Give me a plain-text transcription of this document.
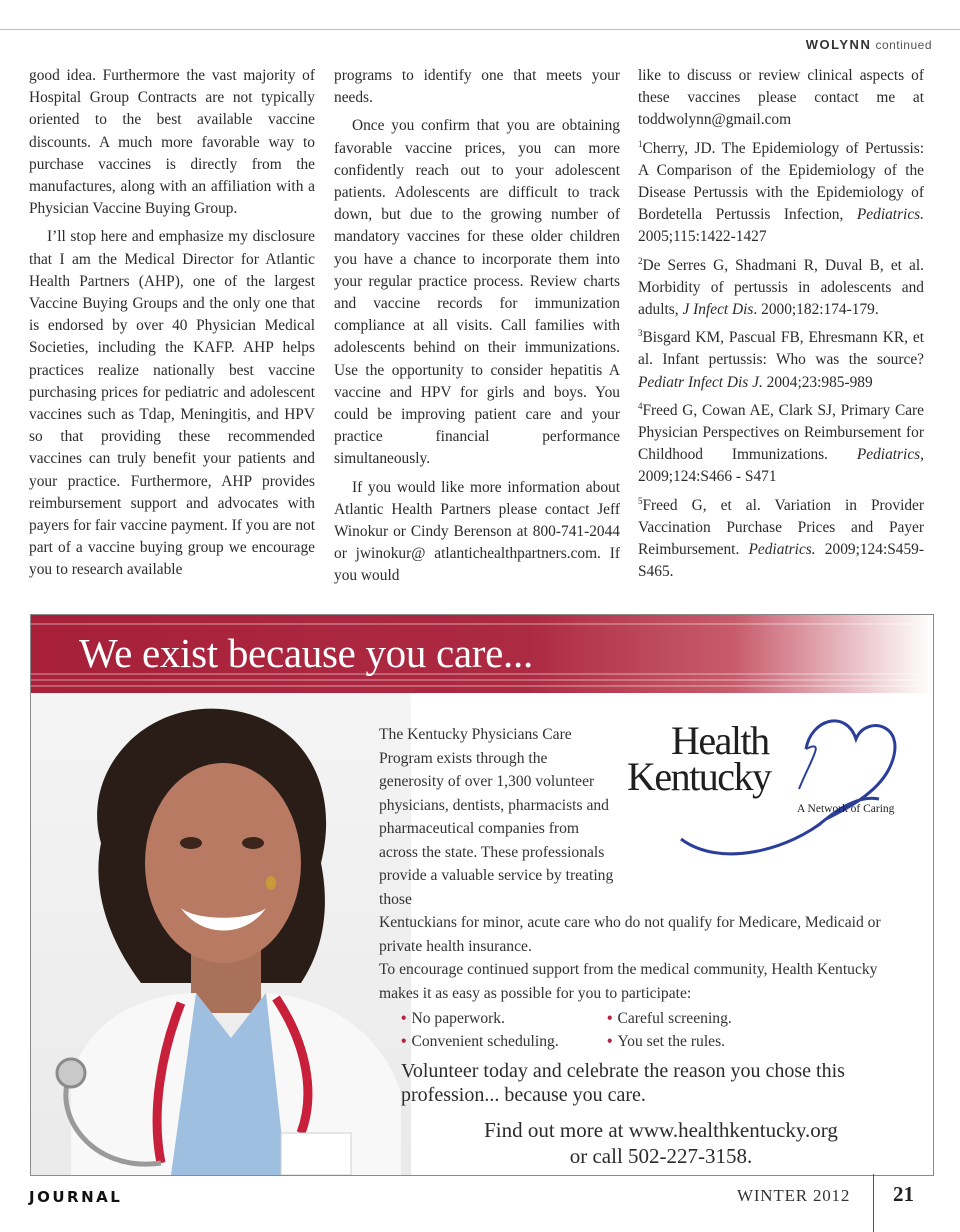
WOLYNN continued

good idea. Furthermore the vast majority of Hospital Group Contracts are not typically oriented to the best available vaccine discounts. A much more favorable way to purchase vaccines is directly from the manufactures, along with an affiliation with a Physician Vaccine Buying Group.

I’ll stop here and emphasize my disclosure that I am the Medical Director for Atlantic Health Partners (AHP), one of the largest Vaccine Buying Groups and the only one that is endorsed by over 40 Physician Medical Societies, including the KAFP. AHP helps practices realize nationally best vaccine purchasing prices for pediatric and adolescent vaccines such as Tdap, Meningitis, and HPV so that providing these recommended vaccines can truly benefit your patients and your practice. Furthermore, AHP provides reimbursement support and advocates with payers for fair vaccine payment. If you are not part of a vaccine buying group we encourage you to research available

programs to identify one that meets your needs.

Once you confirm that you are obtaining favorable vaccine prices, you can more confidently reach out to your adolescent patients. Adolescents are difficult to track down, but due to the growing number of mandatory vaccines for these older children you have a chance to incorporate them into your regular practice process. Review charts and vaccine records for immunization compliance at all visits. Call families with adolescents behind on their immunizations. Use the opportunity to consider hepatitis A vaccine and HPV for girls and boys. You could be improving patient care and your practice financial performance simultaneously.

If you would like more information about Atlantic Health Partners please contact Jeff Winokur or Cindy Berenson at 800-741-2044 or jwinokur@ atlantichealthpartners.com. If you would

like to discuss or review clinical aspects of these vaccines please contact me at toddwolynn@gmail.com

$^1$Cherry, JD. The Epidemiology of Pertussis: A Comparison of the Epidemiology of the Disease Pertussis with the Epidemiology of Bordetella Pertussis Infection, Pediatrics. 2005;115:1422-1427

$^2$De Serres G, Shadmani R, Duval B, et al. Morbidity of pertussis in adolescents and adults, J Infect Dis. 2000;182:174-179.

$^3$Bisgard KM, Pascual FB, Ehresmann KR, et al. Infant pertussis: Who was the source? Pediatr Infect Dis J. 2004;23:985-989

$^4$Freed G, Cowan AE, Clark SJ, Primary Care Physician Perspectives on Reimbursement for Childhood Immunizations. Pediatrics, 2009;124:S466 - S471

$^5$Freed G, et al. Variation in Provider Vaccination Purchase Prices and Payer Reimbursement. Pediatrics. 2009;124:S459-S465.

We exist because you care...
Health
Kentucky
A Network of Caring

The Kentucky Physicians Care Program exists through the generosity of over 1,300 volunteer physicians, dentists, pharmacists and pharmaceutical companies from across the state. These professionals provide a valuable service by treating those

Kentuckians for minor, acute care who do not qualify for Medicare, Medicaid or private health insurance.

To encourage continued support from the medical community, Health Kentucky makes it as easy as possible for you to participate:

• No paperwork.	• Careful screening.
• Convenient scheduling.	• You set the rules.
Volunteer today and celebrate the reason you chose this profession... because you care.
Find out more at www.healthkentucky.org
or call 502-227-3158.
JOURNAL	WINTER 2012 21
